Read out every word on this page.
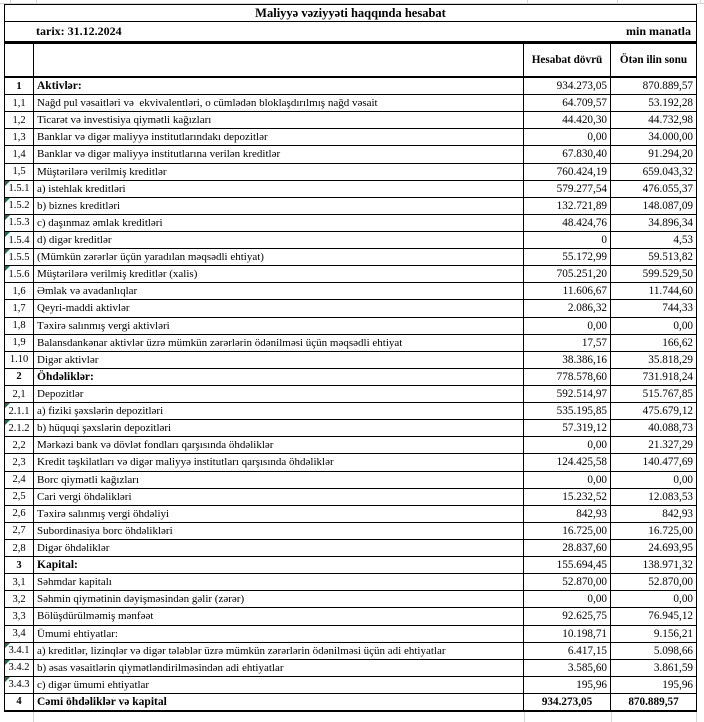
Maliyyə vəziyyəti haqqında hesabat
tarix: 31.12.2024	min manatla
Hesabat dövrü	Ötən ilin sonu
1 Aktivlər:	934.273,05	870.889,57
1,1 Nağd pul vəsaitləri və  ekvivalentləri, o cümlədən bloklaşdırılmış nağd vəsait	64.709,57	53.192,28
1,2 Ticarət və investisiya qiymətli kağızları	44.420,30	44.732,98
1,3 Banklar və digər maliyyə institutlarındakı depozitlər	0,00	34.000,00
1,4 Banklar və digər maliyyə institutlarına verilən kreditlər	67.830,40	91.294,20
1,5 Müştərilərə verilmiş kreditlər	760.424,19	659.043,32
1.5.1 a) istehlak kreditləri	579.277,54	476.055,37
1.5.2 b) biznes kreditləri	132.721,89	148.087,09
1.5.3 c) daşınmaz əmlak kreditləri	48.424,76	34.896,34
1.5.4 d) digər kreditlər	0	4,53
1.5.5 (Mümkün zərərlər üçün yaradılan məqsədli ehtiyat)	55.172,99	59.513,82
1.5.6 Müştərilərə verilmiş kreditlər (xalis)	705.251,20	599.529,50
1,6 Əmlak və avadanlıqlar	11.606,67	11.744,60
1,7 Qeyri-maddi aktivlər	2.086,32	744,33
1,8 Təxirə salınmış vergi aktivləri	0,00	0,00
1,9 Balansdankənar aktivlər üzrə mümkün zərərlərin ödənilməsi üçün məqsədli ehtiyat	17,57	166,62
1.10 Digər aktivlər	38.386,16	35.818,29
2 Öhdəliklər:	778.578,60	731.918,24
2,1 Depozitlər	592.514,97	515.767,85
2.1.1 a) fiziki şəxslərin depozitləri	535.195,85	475.679,12
2.1.2 b) hüquqi şəxslərin depozitləri	57.319,12	40.088,73
2,2 Mərkəzi bank və dövlət fondları qarşısında öhdəliklər	0,00	21.327,29
2,3 Kredit təşkilatları və digər maliyyə institutları qarşısında öhdəliklər	124.425,58	140.477,69
2,4 Borc qiymətli kağızları	0,00	0,00
2,5 Cari vergi öhdəlikləri	15.232,52	12.083,53
2,6 Təxirə salınmış vergi öhdəliyi	842,93	842,93
2,7 Subordinasiya borc öhdəlikləri	16.725,00	16.725,00
2,8 Digər öhdəliklər	28.837,60	24.693,95
3 Kapital:	155.694,45	138.971,32
3,1 Səhmdar kapitalı	52.870,00	52.870,00
3,2 Səhmin qiymətinin dəyişməsindən gəlir (zərər)	0,00	0,00
3,3 Bölüşdürülməmiş mənfəət	92.625,75	76.945,12
3,4 Ümumi ehtiyatlar:	10.198,71	9.156,21
3.4.1 a) kreditlər, lizinqlər və digər tələblər üzrə mümkün zərərlərin ödənilməsi üçün adi ehtiyatlar	6.417,15	5.098,66
3.4.2 b) əsas vəsaitlərin qiymətləndirilməsindən adi ehtiyatlar	3.585,60	3.861,59
3.4.3 c) digər ümumi ehtiyatlar	195,96	195,96
4 Cəmi öhdəliklər və kapital	934.273,05	870.889,57
